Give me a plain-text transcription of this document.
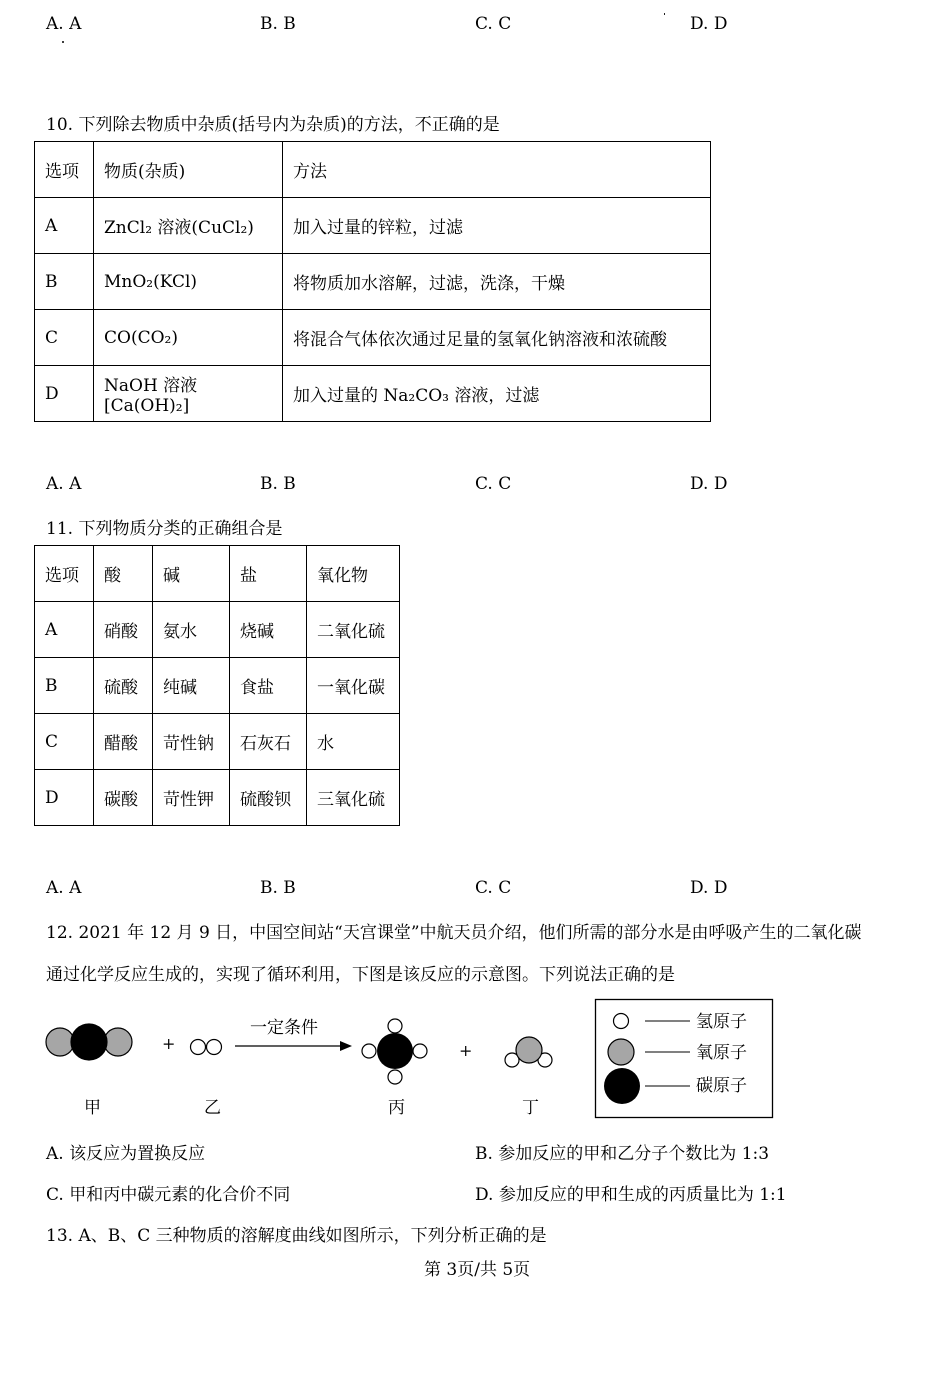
A. A	B. B	C. C	D. D
10. 下列除去物质中杂质(括号内为杂质)的方法，不正确的是
选项	物质(杂质)	方法
A	ZnCl₂ 溶液(CuCl₂)	加入过量的锌粒，过滤
B	MnO₂(KCl)	将物质加水溶解，过滤，洗涤，干燥
C	CO(CO₂)	将混合气体依次通过足量的氢氧化钠溶液和浓硫酸
D	NaOH 溶液[Ca(OH)₂]	加入过量的 Na₂CO₃ 溶液，过滤
A. A	B. B	C. C	D. D
11. 下列物质分类的正确组合是
选项	酸	碱	盐	氧化物
A	硝酸	氨水	烧碱	二氧化硫
B	硫酸	纯碱	食盐	一氧化碳
C	醋酸	苛性钠	石灰石	水
D	碳酸	苛性钾	硫酸钡	三氧化硫
A. A	B. B	C. C	D. D
12. 2021 年 12 月 9 日，中国空间站“天宫课堂”中航天员介绍，他们所需的部分水是由呼吸产生的二氧化碳
通过化学反应生成的，实现了循环利用，下图是该反应的示意图。下列说法正确的是
+
一定条件
+
甲	乙	丙	丁
氢原子
氧原子
碳原子
A. 该反应为置换反应	B. 参加反应的甲和乙分子个数比为 1:3
C. 甲和丙中碳元素的化合价不同	D. 参加反应的甲和生成的丙质量比为 1:1
13. A、B、C 三种物质的溶解度曲线如图所示，下列分析正确的是
第 3页/共 5页
